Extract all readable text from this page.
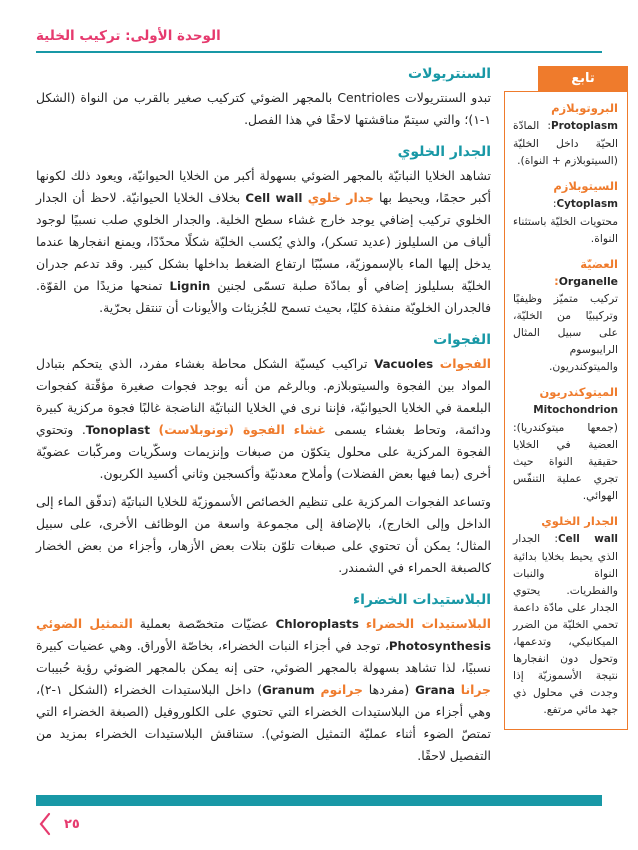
الوحدة الأولى: تركيب الخلية
تابع
البروتوبلازم
Protoplasm: المادّة الحيّة داخل الخليّة (السيتوبلازم + النواة).
السيتوبلازم
Cytoplasm: محتويات الخليّة باستثناء النواة.
العضيّة Organelle:
تركيب متميّز وظيفيًا وتركيبيًا من الخليّة، على سبيل المثال الرايبوسوم والميتوكندريون.
الميتوكندريون
Mitochondrion (جمعها ميتوكندريا): العضية في الخلايا حقيقية النواة حيث تجري عملية التنفّس الهوائي.
الجدار الخلوي
Cell wall: الجدار الذي يحيط بخلايا بدائية النواة والنبات والفطريات. يحتوي الجدار على مادّة داعمة تحمي الخليّة من الضرر الميكانيكي، وتدعمها، وتحول دون انفجارها نتيجة الأسموزيّة إذا وجدت في محلول ذي جهد مائي مرتفع.
السنتريولات

تبدو السنتريولات Centrioles بالمجهر الضوئي كتركيب صغير بالقرب من النواة (الشكل ١-١)؛ والتي سيتمّ مناقشتها لاحقًا في هذا الفصل.

الجدار الخلوي

تشاهد الخلايا النباتيّة بالمجهر الضوئي بسهولة أكبر من الخلايا الحيوانيّة، ويعود ذلك لكونها أكبر حجمًا، ويحيط بها جدار خلوي Cell wall بخلاف الخلايا الحيوانيّة. لاحظ أن الجدار الخلوي تركيب إضافي يوجد خارج غشاء سطح الخلية. والجدار الخلوي صلب نسبيًا لوجود ألياف من السليلوز (عديد تسكر)، والذي يُكسب الخليّة شكلًا محدّدًا، ويمنع انفجارها عندما يدخل إليها الماء بالإسموزيّة، مسبّبًا ارتفاع الضغط بداخلها بشكل كبير. وقد تدعم جدران الخليّة بسليلوز إضافي أو بمادّة صلبة تسمّى لجنين Lignin تمنحها مزيدًا من القوّة. فالجدران الخلويّة منفذة كليًا، بحيث تسمح للجُزيئات والأيونات أن تنتقل بحرّية.

الفجوات

الفجوات Vacuoles تراكيب كيسيّة الشكل محاطة بغشاء مفرد، الذي يتحكم بتبادل المواد بين الفجوة والسيتوبلازم. وبالرغم من أنه يوجد فجوات صغيرة مؤقّتة كفجوات البلعمة في الخلايا الحيوانيّة، فإننا نرى في الخلايا النباتيّة الناضجة غالبًا فجوة مركزية كبيرة ودائمة، وتحاط بغشاء يسمى غشاء الفجوة (تونوبلاست) Tonoplast. وتحتوي الفجوة المركزية على محلول يتكوّن من صبغات وإنزيمات وسكّريات ومركّبات عضويّة أخرى (بما فيها بعض الفضلات) وأملاح معدنيّة وأكسجين وثاني أكسيد الكربون.

وتساعد الفجوات المركزية على تنظيم الخصائص الأسموزيّة للخلايا النباتيّة (تدفّق الماء إلى الداخل وإلى الخارج)، بالإضافة إلى مجموعة واسعة من الوظائف الأخرى، على سبيل المثال؛ يمكن أن تحتوي على صبغات تلوّن بتلات بعض الأزهار، وأجزاء من بعض الخضار كالصبغة الحمراء في الشمندر.

البلاستيدات الخضراء

البلاستيدات الخضراء Chloroplasts عضيّات متخصّصة بعملية التمثيل الضوئي Photosynthesis، توجد في أجزاء النبات الخضراء، بخاصّة الأوراق. وهي عضيات كبيرة نسبيًا، لذا تشاهد بسهولة بالمجهر الضوئي، حتى إنه يمكن بالمجهر الضوئي رؤية حُبيبات جرانا Grana (مفردها جرانوم Granum) داخل البلاستيدات الخضراء (الشكل ١-٢)، وهي أجزاء من البلاستيدات الخضراء التي تحتوي على الكلوروفيل (الصبغة الخضراء التي تمتصّ الضوء أثناء عمليّة التمثيل الضوئي). ستناقش البلاستيدات الخضراء بمزيد من التفصيل لاحقًا.

٢٥
